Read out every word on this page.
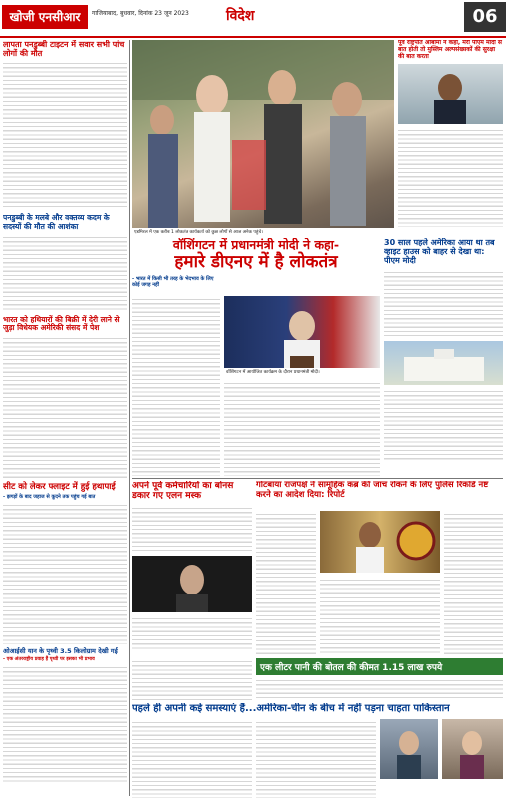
खोजी एनसीआर	गाजियाबाद, बुधवार, दिनांक 23 जून 2023	विदेश	06
लापता पनडुब्बी टाइटन में सवार सभी पांच लोगों की मौत
पनडुब्बी के मलबे और वक्तव्य कदम के सदस्यों की मौत की आशंका
भारत को हथियारों की बिक्री में देरी लाने से जुड़ा विधेयक अमेरिकी संसद में पेश
सीट को लेकर फ्लाइट में हुई हथापाई
- झगड़ों के बाद जहाज से कूदने तक पहुंच गई बात
ओआईसी यान के पृथ्वी 3.5 किलोग्राम देखी गई
- एक अंतरराष्ट्रीय प्रवाह हैं पृथ्वी पर इसका भी प्रभाव
एडमिरल में एक करीब 1 लोकतंत्र कार्यकर्ता को कुछ लोगों से आज अनेक पहुंचे।
पूर्व राष्ट्रपति ओबामा ने कहा, मेरी पीएम मोदी से बात होती तो मुस्लिम अल्पसंख्यकों की सुरक्षा की बात करता
वॉशिंगटन में प्रधानमंत्री मोदी ने कहा-
हमारे डीएनए में है लोकतंत्र
- भारत में किसी भी तरह के भेदभाव के लिए कोई जगह नहीं
वॉशिंगटन में आयोजित कार्यक्रम के दौरान प्रधानमंत्री मोदी।
30 साल पहले अमेरिका आया था तब व्हाइट हाउस को बाहर से देखा था: पीएम मोदी
अपने पूर्व कर्मचारियों का बोनस डकार गए एलन मस्क
गोटबाया राजपक्षे ने सामूहिक कब्र की जांच रोकने के लिए पुलिस रिकॉर्ड नष्ट करने का आदेश दिया: रिपोर्ट
एक लीटर पानी की बोतल की कीमत 1.15 लाख रुपये
पहले ही अपनी कई समस्याएं हैं...अमेरिका-चीन के बीच में नहीं पड़ना चाहता पाकिस्तान
